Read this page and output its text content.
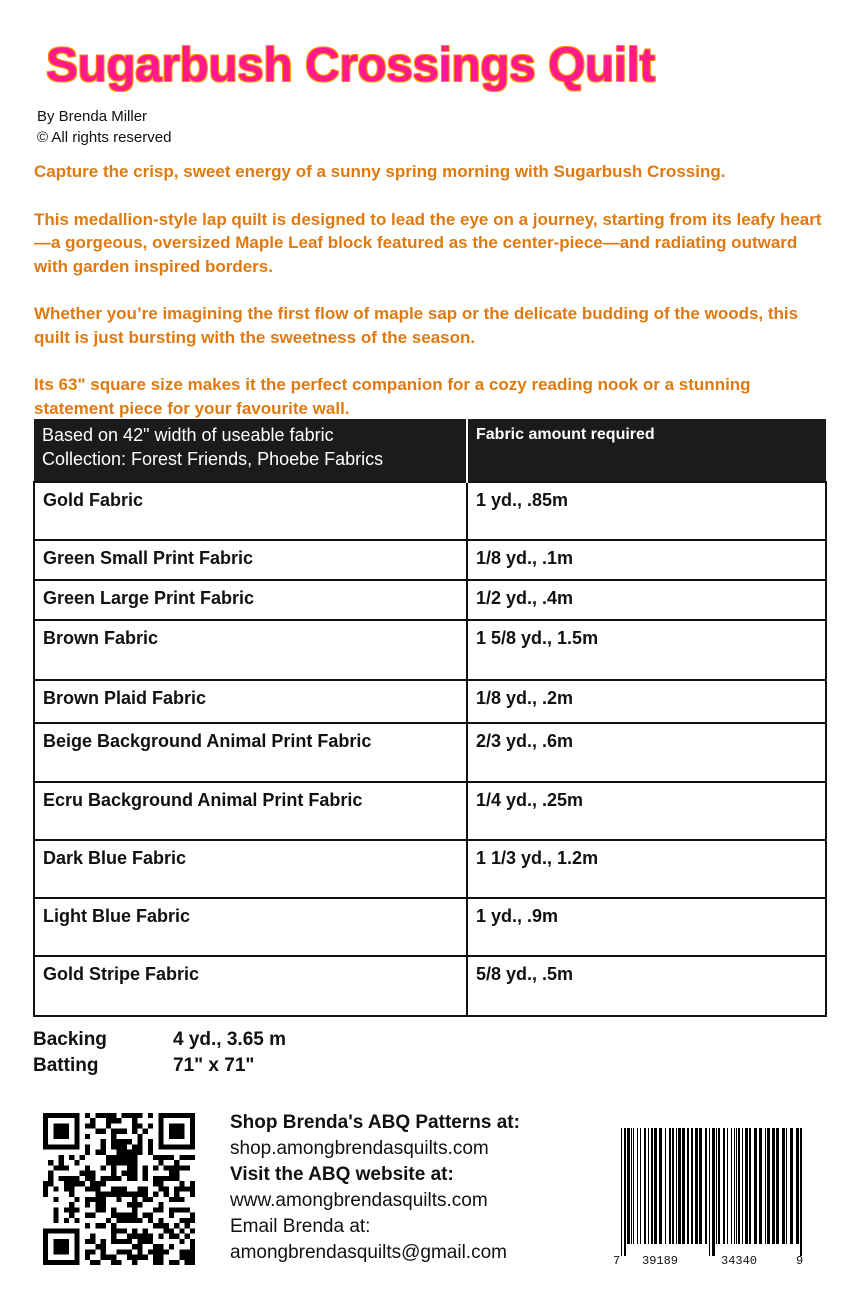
Sugarbush Crossings Quilt
By Brenda Miller
© All rights reserved

Capture the crisp, sweet energy of a sunny spring morning with Sugarbush Crossing.

This medallion-style lap quilt is designed to lead the eye on a journey, starting from its leafy heart—a gorgeous, oversized Maple Leaf block featured as the center-piece—and radiating outward with garden inspired borders.

Whether you’re imagining the first flow of maple sap or the delicate budding of the woods, this quilt is just bursting with the sweetness of the season.

Its 63" square size makes it the perfect companion for a cozy reading nook or a stunning statement piece for your favourite wall.

Based on 42" width of useable fabric
Collection: Forest Friends, Phoebe Fabrics	Fabric amount required
Gold Fabric	1 yd., .85m
Green Small Print Fabric	1/8 yd., .1m
Green Large Print Fabric	1/2 yd., .4m
Brown Fabric	1 5/8 yd., 1.5m
Brown Plaid Fabric	1/8 yd., .2m
Beige Background Animal Print Fabric	2/3 yd., .6m
Ecru Background Animal Print Fabric	1/4 yd., .25m
Dark Blue Fabric	1 1/3 yd., 1.2m
Light Blue Fabric	1 yd., .9m
Gold Stripe Fabric	5/8 yd., .5m
Backing	4 yd., 3.65 m
Batting	71" x 71"
Shop Brenda's ABQ Patterns at:
shop.amongbrendasquilts.com
Visit the ABQ website at:
www.amongbrendasquilts.com
Email Brenda at:
amongbrendasquilts@gmail.com	7 39189	34340	9
